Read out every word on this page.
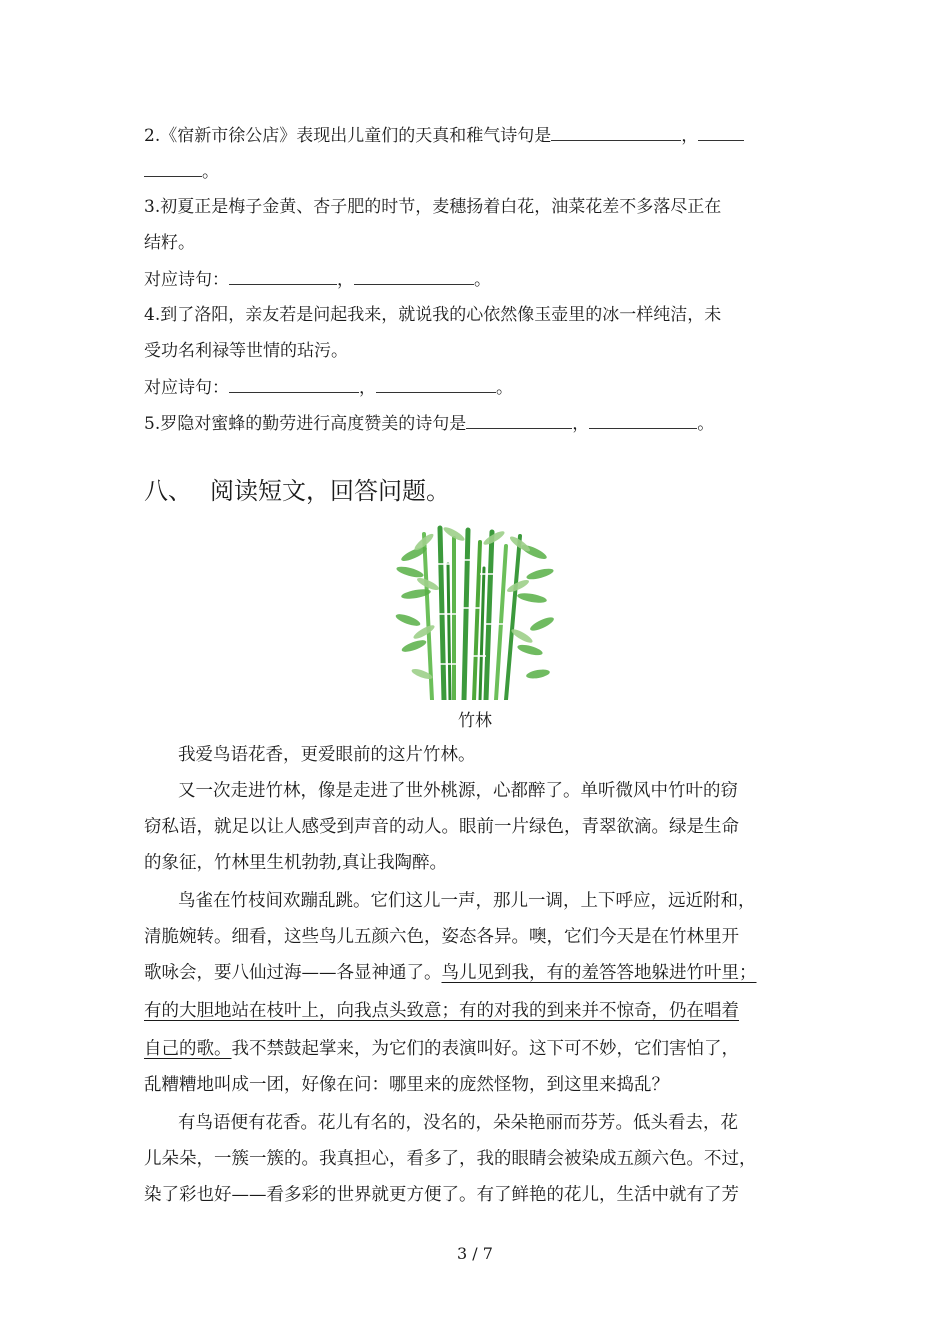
2.《宿新市徐公店》表现出儿童们的天真和稚气诗句是	，
。
3.初夏正是梅子金黄、杏子肥的时节，麦穗扬着白花，油菜花差不多落尽正在
结籽。
对应诗句：	，	。
4.到了洛阳，亲友若是问起我来，就说我的心依然像玉壶里的冰一样纯洁，未
受功名利禄等世情的玷污。
对应诗句：	，	。
5.罗隐对蜜蜂的勤劳进行高度赞美的诗句是	，	。
八、 阅读短文，回答问题。
竹林
我爱鸟语花香，更爱眼前的这片竹林。
又一次走进竹林，像是走进了世外桃源，心都醉了。单听微风中竹叶的窃
窃私语，就足以让人感受到声音的动人。眼前一片绿色，青翠欲滴。绿是生命
的象征，竹林里生机勃勃,真让我陶醉。
鸟雀在竹枝间欢蹦乱跳。它们这儿一声，那儿一调，上下呼应，远近附和，
清脆婉转。细看，这些鸟儿五颜六色，姿态各异。噢，它们今天是在竹林里开
歌咏会，要八仙过海——各显神通了。鸟儿见到我，有的羞答答地躲进竹叶里；
有的大胆地站在枝叶上，向我点头致意；有的对我的到来并不惊奇，仍在唱着
自己的歌。我不禁鼓起掌来，为它们的表演叫好。这下可不妙，它们害怕了，
乱糟糟地叫成一团，好像在问：哪里来的庞然怪物，到这里来捣乱？
有鸟语便有花香。花儿有名的，没名的，朵朵艳丽而芬芳。低头看去，花
儿朵朵，一簇一簇的。我真担心，看多了，我的眼睛会被染成五颜六色。不过，
染了彩也好——看多彩的世界就更方便了。有了鲜艳的花儿，生活中就有了芳
3 / 7
